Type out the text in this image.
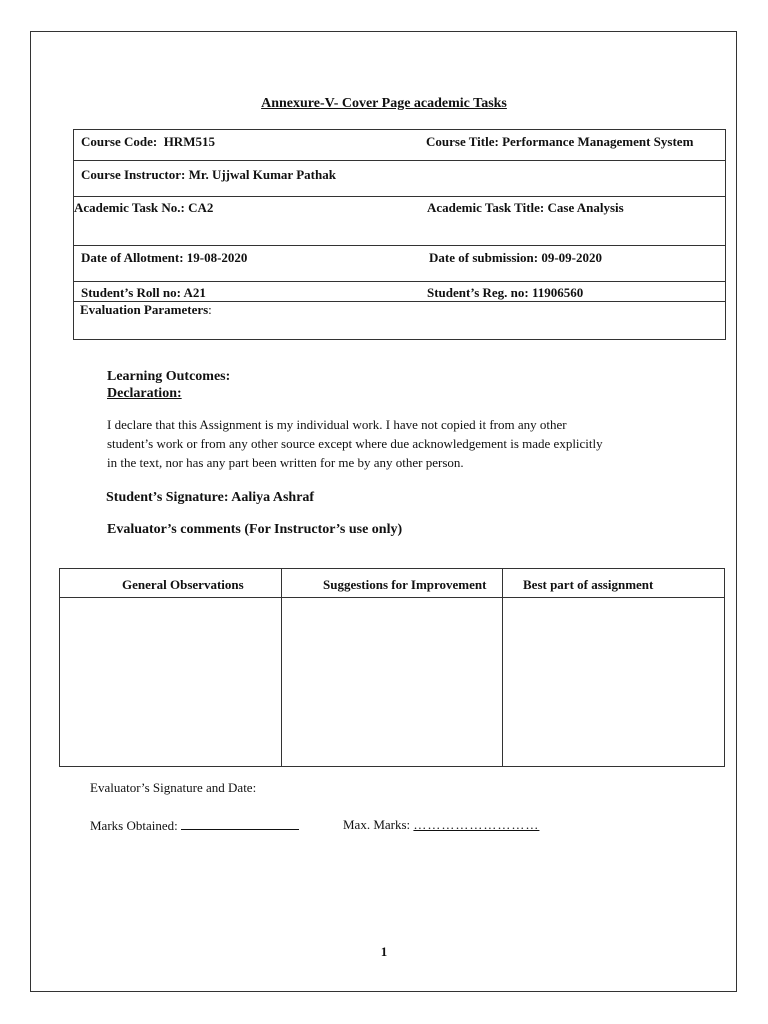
Annexure-V- Cover Page academic Tasks
Course Code: HRM515	Course Title: Performance Management System
Course Instructor: Mr. Ujjwal Kumar Pathak
Academic Task No.: CA2	Academic Task Title: Case Analysis
Date of Allotment: 19-08-2020	Date of submission: 09-09-2020
Student’s Roll no: A21	Student’s Reg. no: 11906560
Evaluation Parameters:
Learning Outcomes:
Declaration:
I declare that this Assignment is my individual work. I have not copied it from any other
student’s work or from any other source except where due acknowledgement is made explicitly
in the text, nor has any part been written for me by any other person.
Student’s Signature: Aaliya Ashraf
Evaluator’s comments (For Instructor’s use only)
General Observations	Suggestions for Improvement	Best part of assignment
Evaluator’s Signature and Date:
Marks Obtained:	Max. Marks: ………………………
1
